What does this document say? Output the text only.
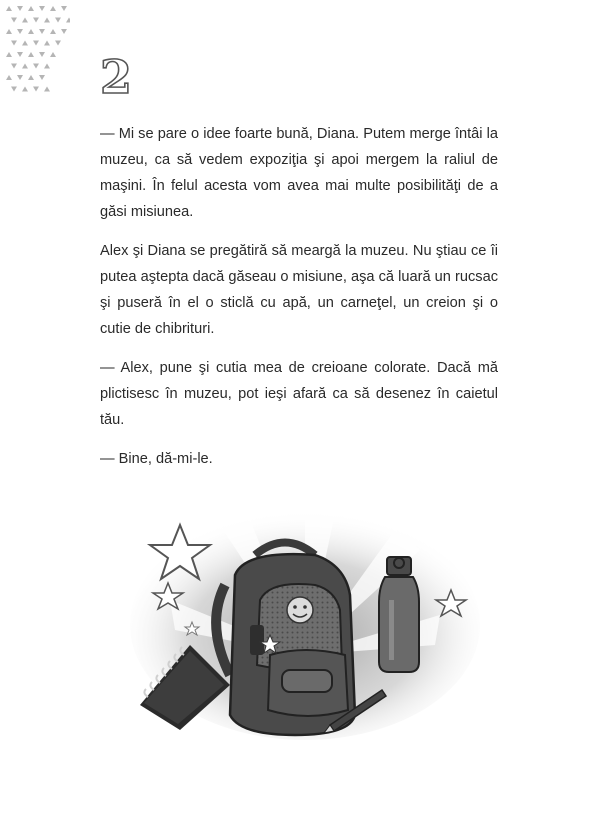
2

— Mi se pare o idee foarte bună, Diana. Putem merge întâi la muzeu, ca să vedem expoziţia şi apoi mergem la raliul de maşini. În felul acesta vom avea mai multe posibilităţi de a găsi misiunea.

Alex şi Diana se pregătiră să meargă la muzeu. Nu ştiau ce îi putea aştepta dacă găseau o misiune, aşa că luară un rucsac şi puseră în el o sticlă cu apă, un carneţel, un creion şi o cutie de chibrituri.

— Alex, pune şi cutia mea de creioane colorate. Dacă mă plictisesc în muzeu, pot ieşi afară ca să desenez în caietul tău.

— Bine, dă-mi-le.
